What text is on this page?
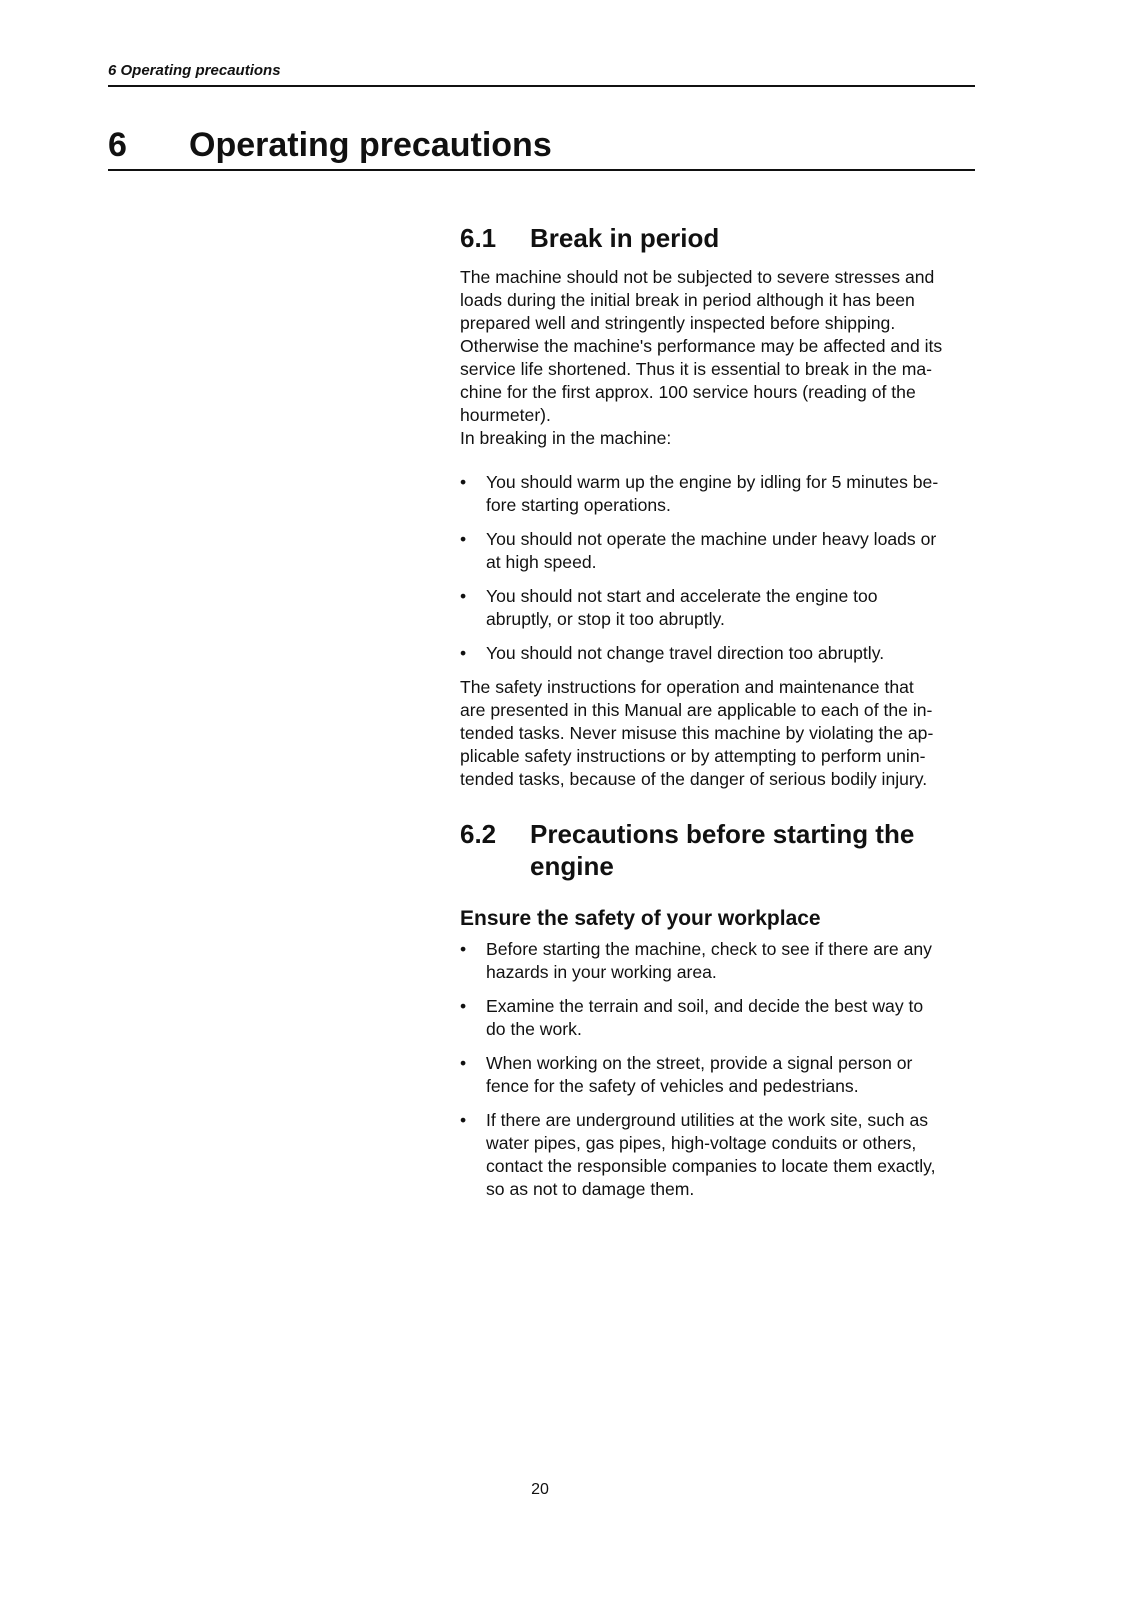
6 Operating precautions
6 Operating precautions
6.1 Break in period

The machine should not be subjected to severe stresses and
loads during the initial break in period although it has been
prepared well and stringently inspected before shipping.
Otherwise the machine's performance may be affected and its
service life shortened. Thus it is essential to break in the ma-
chine for the first approx. 100 service hours (reading of the
hourmeter).
In breaking in the machine:

• You should warm up the engine by idling for 5 minutes be-
fore starting operations.
• You should not operate the machine under heavy loads or
at high speed.
• You should not start and accelerate the engine too
abruptly, or stop it too abruptly.
• You should not change travel direction too abruptly.

The safety instructions for operation and maintenance that
are presented in this Manual are applicable to each of the in-
tended tasks. Never misuse this machine by violating the ap-
plicable safety instructions or by attempting to perform unin-
tended tasks, because of the danger of serious bodily injury.

6.2 Precautions before starting the
engine
Ensure the safety of your workplace
• Before starting the machine, check to see if there are any
hazards in your working area.
• Examine the terrain and soil, and decide the best way to
do the work.
• When working on the street, provide a signal person or
fence for the safety of vehicles and pedestrians.
• If there are underground utilities at the work site, such as
water pipes, gas pipes, high-voltage conduits or others,
contact the responsible companies to locate them exactly,
so as not to damage them.
20
